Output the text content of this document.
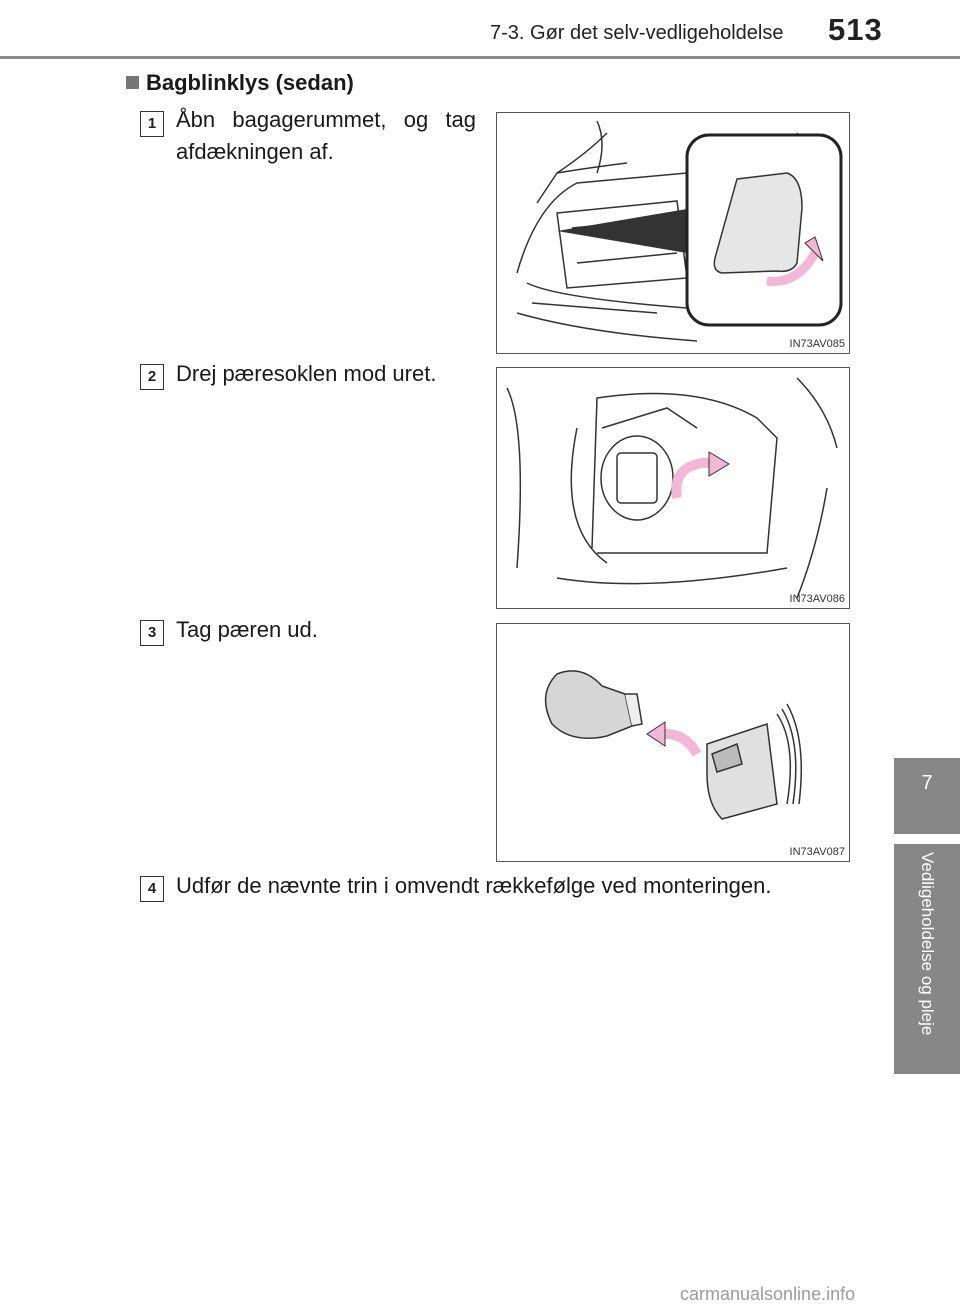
7-3. Gør det selv-vedligeholdelse 513
7
Vedligeholdelse og pleje
Bagblinklys (sedan)
1 Åbn bagagerummet, og tag afdækningen af.
IN73AV085
2 Drej pæresoklen mod uret.
IN73AV086
3 Tag pæren ud.
IN73AV087
4 Udfør de nævnte trin i omvendt rækkefølge ved monteringen.
carmanualsonline.info
